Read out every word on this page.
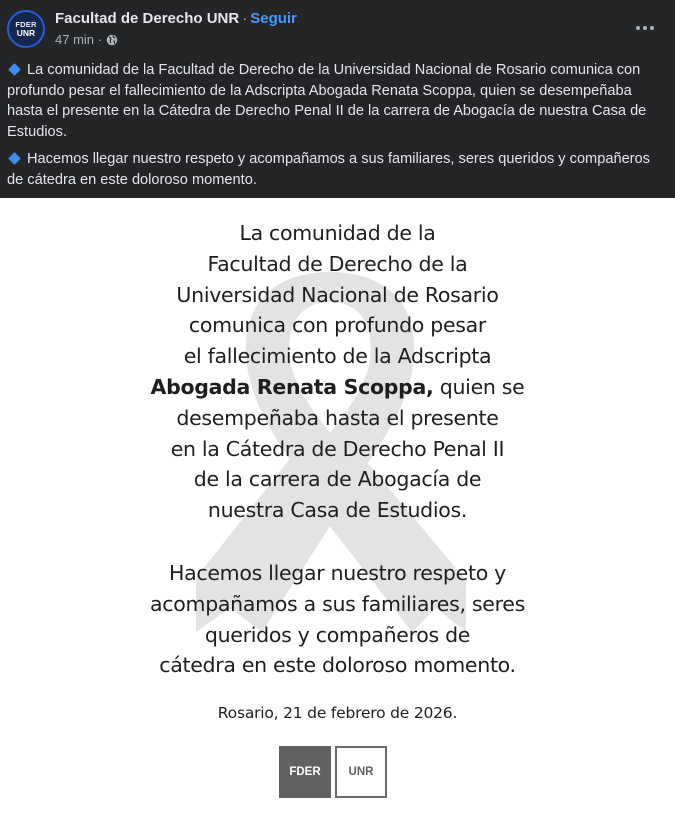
FDER
UNR
Facultad de Derecho UNR · Seguir
47 min ·

La comunidad de la Facultad de Derecho de la Universidad Nacional de Rosario comunica con profundo pesar el fallecimiento de la Adscripta Abogada Renata Scoppa, quien se desempeñaba hasta el presente en la Cátedra de Derecho Penal II de la carrera de Abogacía de nuestra Casa de Estudios.

Hacemos llegar nuestro respeto y acompañamos a sus familiares, seres queridos y compañeros de cátedra en este doloroso momento.

La comunidad de la
Facultad de Derecho de la
Universidad Nacional de Rosario
comunica con profundo pesar
el fallecimiento de la Adscripta
Abogada Renata Scoppa, quien se
desempeñaba hasta el presente
en la Cátedra de Derecho Penal II
de la carrera de Abogacía de
nuestra Casa de Estudios.
Hacemos llegar nuestro respeto y
acompañamos a sus familiares, seres
queridos y compañeros de
cátedra en este doloroso momento.
Rosario, 21 de febrero de 2026.
FDER	UNR
